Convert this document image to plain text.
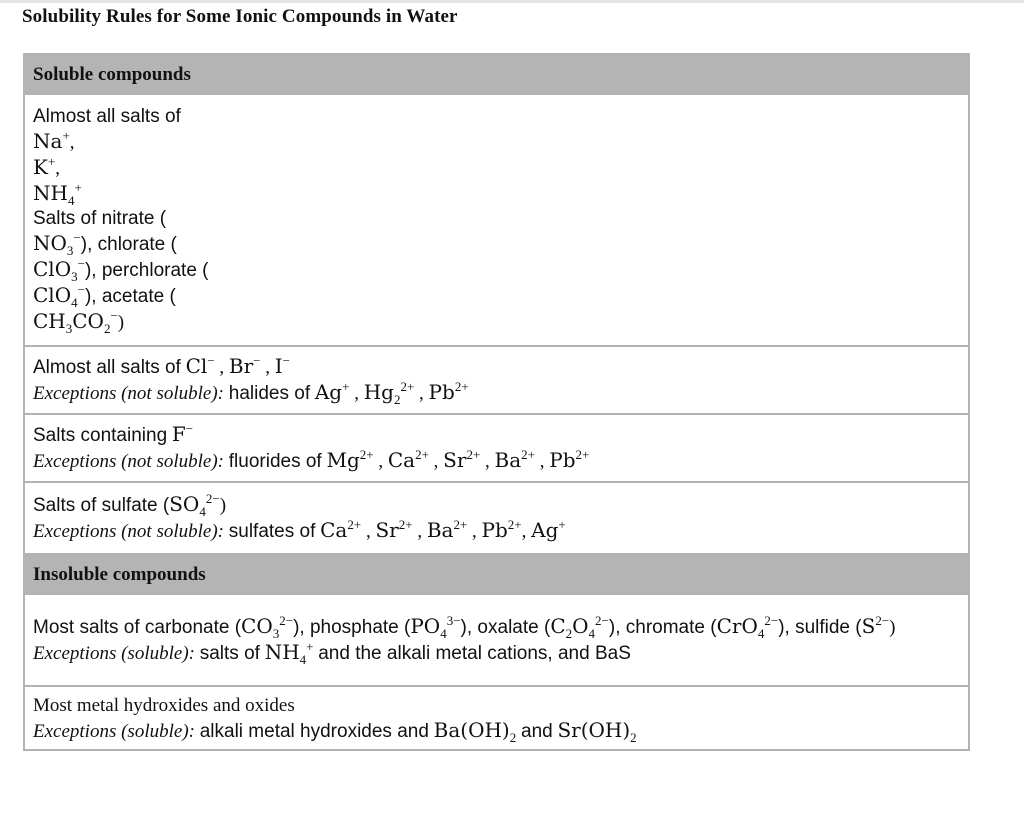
Solubility Rules for Some Ionic Compounds in Water
Soluble compounds

Almost all salts of
Na+,
K+,
$NH_4^+$
Salts of nitrate (
$NO_3^-$), chlorate (
ClO$_3$−), perchlorate (
ClO$_4$−), acetate (
$CH_3CO_2^-$)

Almost all salts of Cl− , Br− , I−
Exceptions (not soluble): halides of Ag+ , $Hg_2^{2+}$ , $Pb^{2+}$

Salts containing F−
Exceptions (not soluble): fluorides of $Mg^{2+}$ , $Ca^{2+}$ , $Sr^{2+}$ , $Ba^{2+}$ , $Pb^{2+}$

Salts of sulfate $(SO_4^{2-})$
Exceptions (not soluble): sulfates of $Ca^{2+}$ , $Sr^{2+}$ , $Ba^{2+}$ , $Pb^{2+}$, Ag+

Insoluble compounds

Most salts of carbonate $(CO_3^{2-})$, phosphate $(PO_4^{3-})$, oxalate $(C_2O_4^{2-})$, chromate (CrO$_4^{2-}$), sulfide $(S^{2-})$
Exceptions (soluble): salts of $NH_4^+$ and the alkali metal cations, and BaS

Most metal hydroxides and oxides
Exceptions (soluble): alkali metal hydroxides and $Ba(OH)_2$ and $Sr(OH)_2$
